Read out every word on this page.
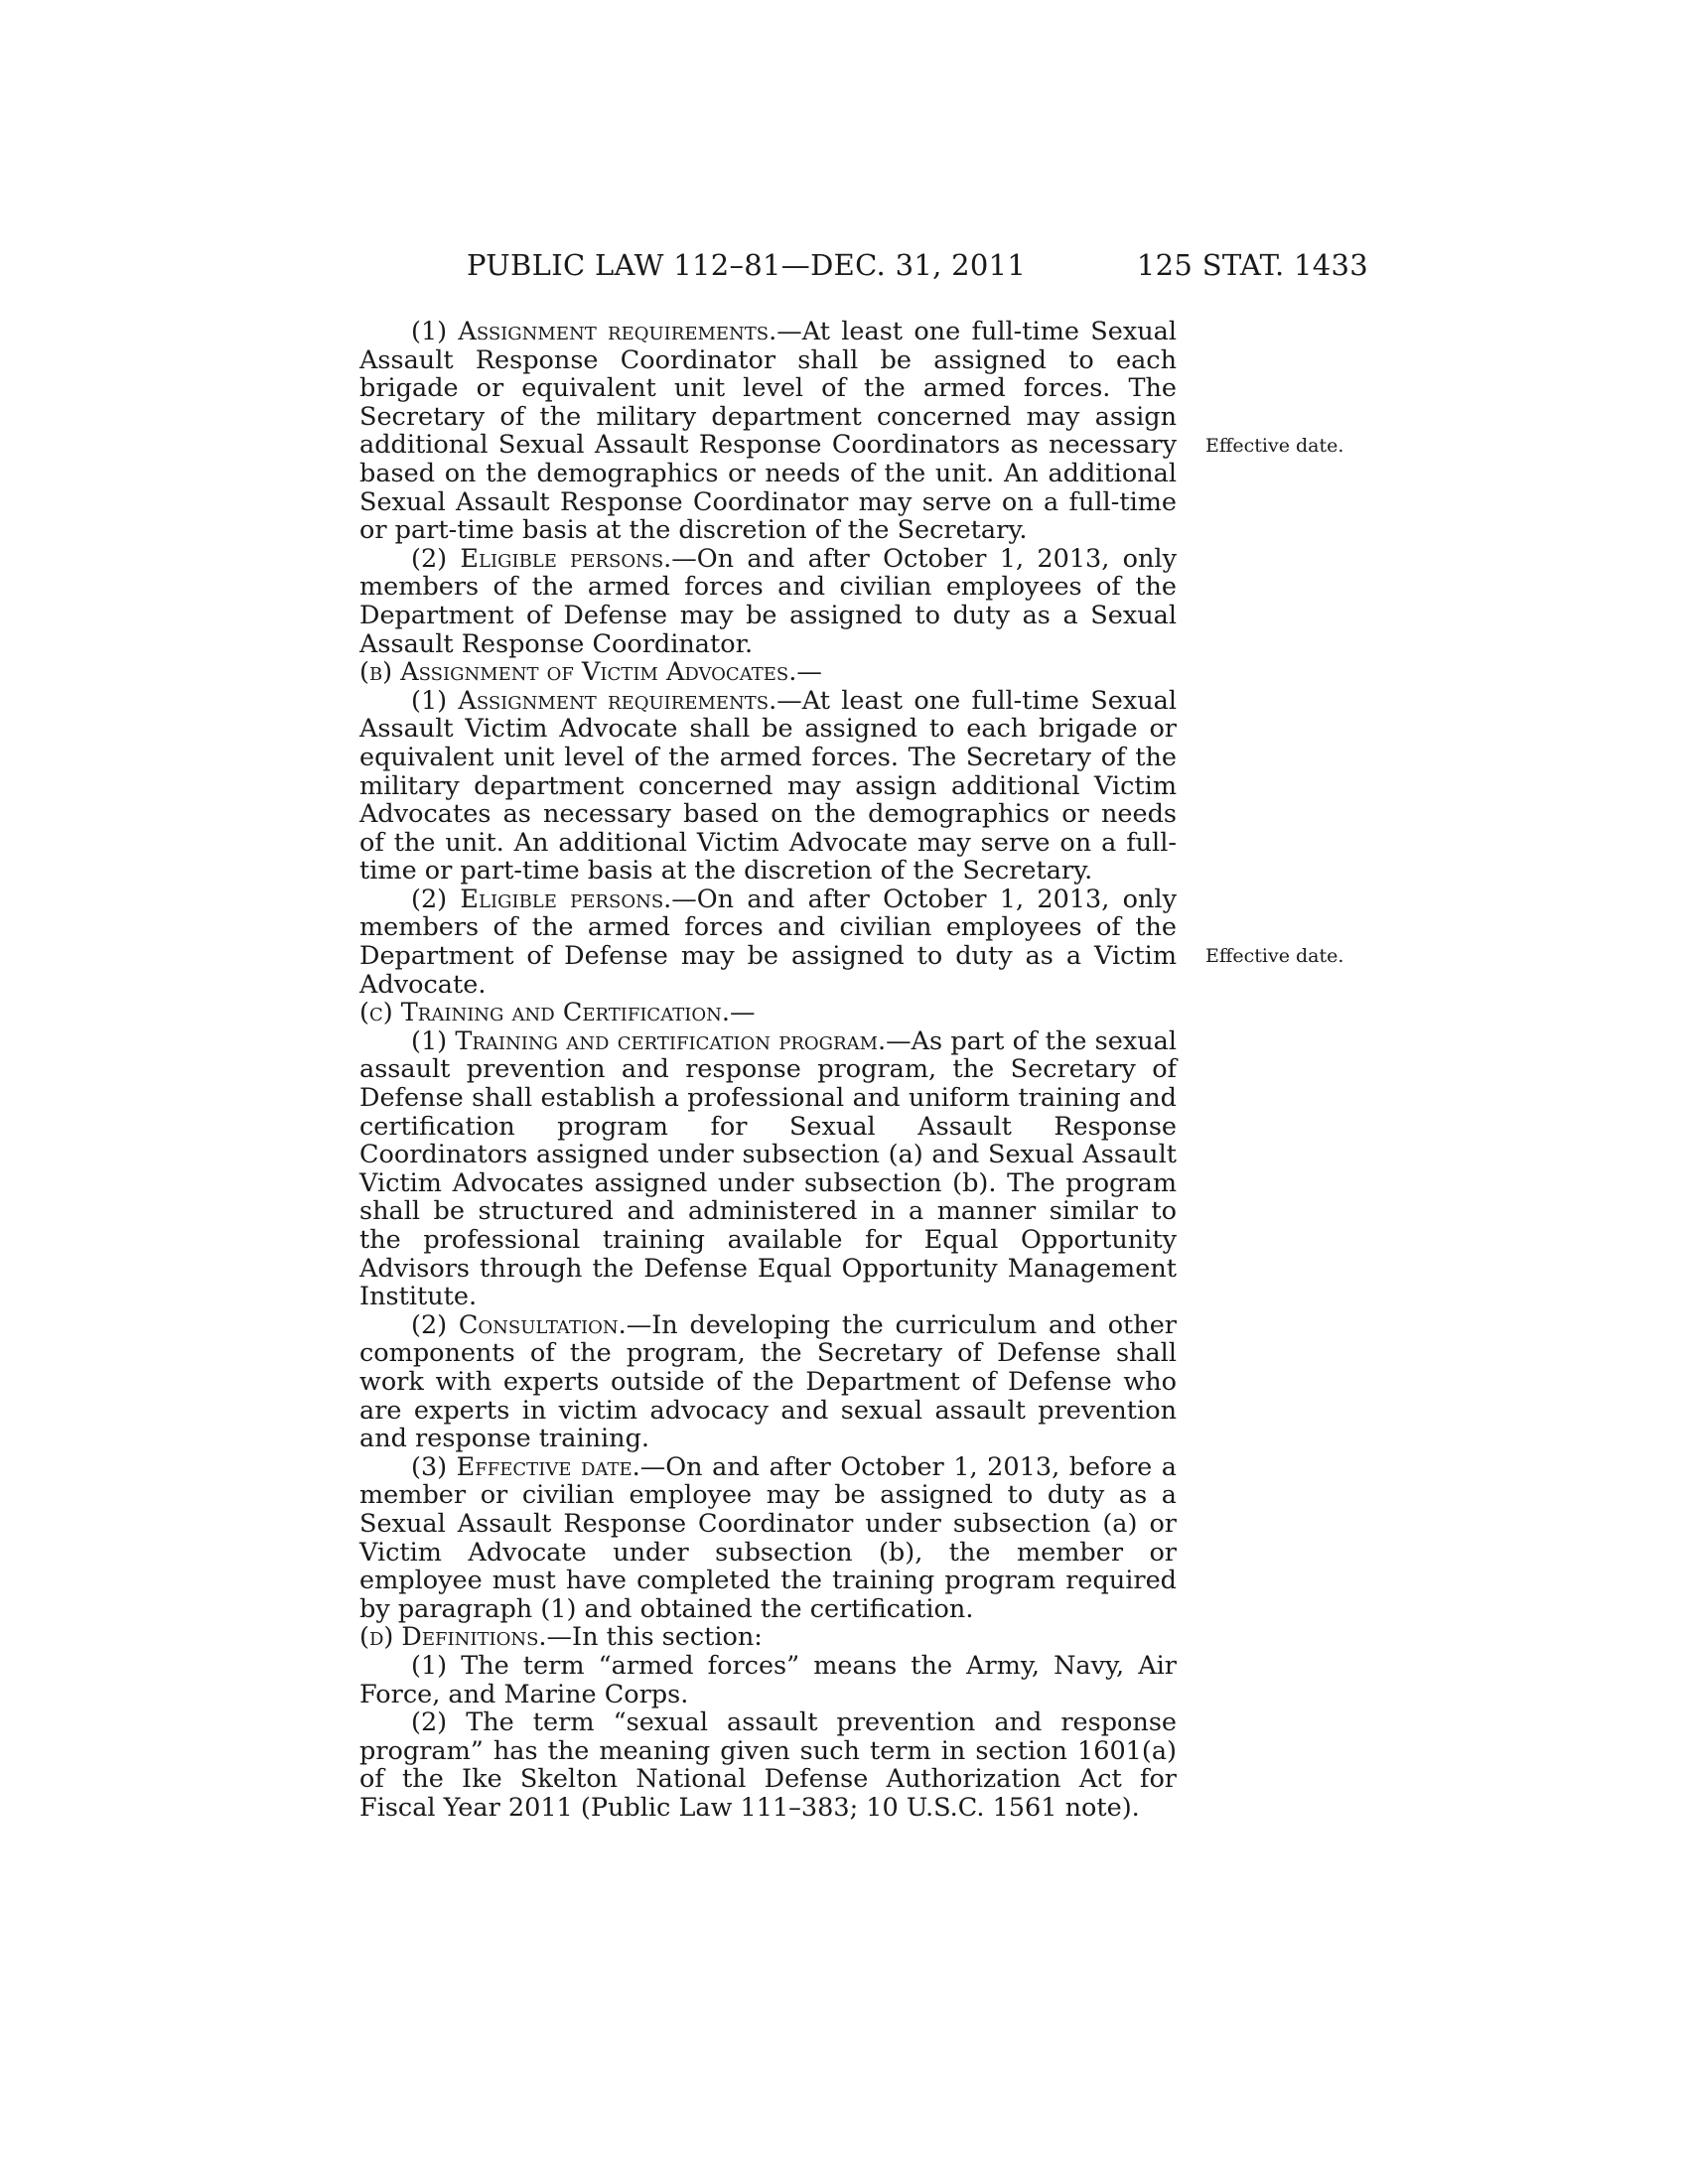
PUBLIC LAW 112–81—DEC. 31, 2011	125 STAT. 1433
Effective date.
Effective date.

(1) Assignment requirements.—At least one full-time Sexual Assault Response Coordinator shall be assigned to each brigade or equivalent unit level of the armed forces. The Secretary of the military department concerned may assign additional Sexual Assault Response Coordinators as necessary based on the demographics or needs of the unit. An additional Sexual Assault Response Coordinator may serve on a full-time or part-time basis at the discretion of the Secretary.

(2) Eligible persons.—On and after October 1, 2013, only members of the armed forces and civilian employees of the Department of Defense may be assigned to duty as a Sexual Assault Response Coordinator.

(b) Assignment of Victim Advocates.—

(1) Assignment requirements.—At least one full-time Sexual Assault Victim Advocate shall be assigned to each brigade or equivalent unit level of the armed forces. The Secretary of the military department concerned may assign additional Victim Advocates as necessary based on the demographics or needs of the unit. An additional Victim Advocate may serve on a full-time or part-time basis at the discretion of the Secretary.

(2) Eligible persons.—On and after October 1, 2013, only members of the armed forces and civilian employees of the Department of Defense may be assigned to duty as a Victim Advocate.

(c) Training and Certification.—

(1) Training and certification program.—As part of the sexual assault prevention and response program, the Secretary of Defense shall establish a professional and uniform training and certification program for Sexual Assault Response Coordinators assigned under subsection (a) and Sexual Assault Victim Advocates assigned under subsection (b). The program shall be structured and administered in a manner similar to the professional training available for Equal Opportunity Advisors through the Defense Equal Opportunity Management Institute.

(2) Consultation.—In developing the curriculum and other components of the program, the Secretary of Defense shall work with experts outside of the Department of Defense who are experts in victim advocacy and sexual assault prevention and response training.

(3) Effective date.—On and after October 1, 2013, before a member or civilian employee may be assigned to duty as a Sexual Assault Response Coordinator under subsection (a) or Victim Advocate under subsection (b), the member or employee must have completed the training program required by paragraph (1) and obtained the certification.

(d) Definitions.—In this section:

(1) The term “armed forces” means the Army, Navy, Air Force, and Marine Corps.

(2) The term “sexual assault prevention and response program” has the meaning given such term in section 1601(a) of the Ike Skelton National Defense Authorization Act for Fiscal Year 2011 (Public Law 111–383; 10 U.S.C. 1561 note).
